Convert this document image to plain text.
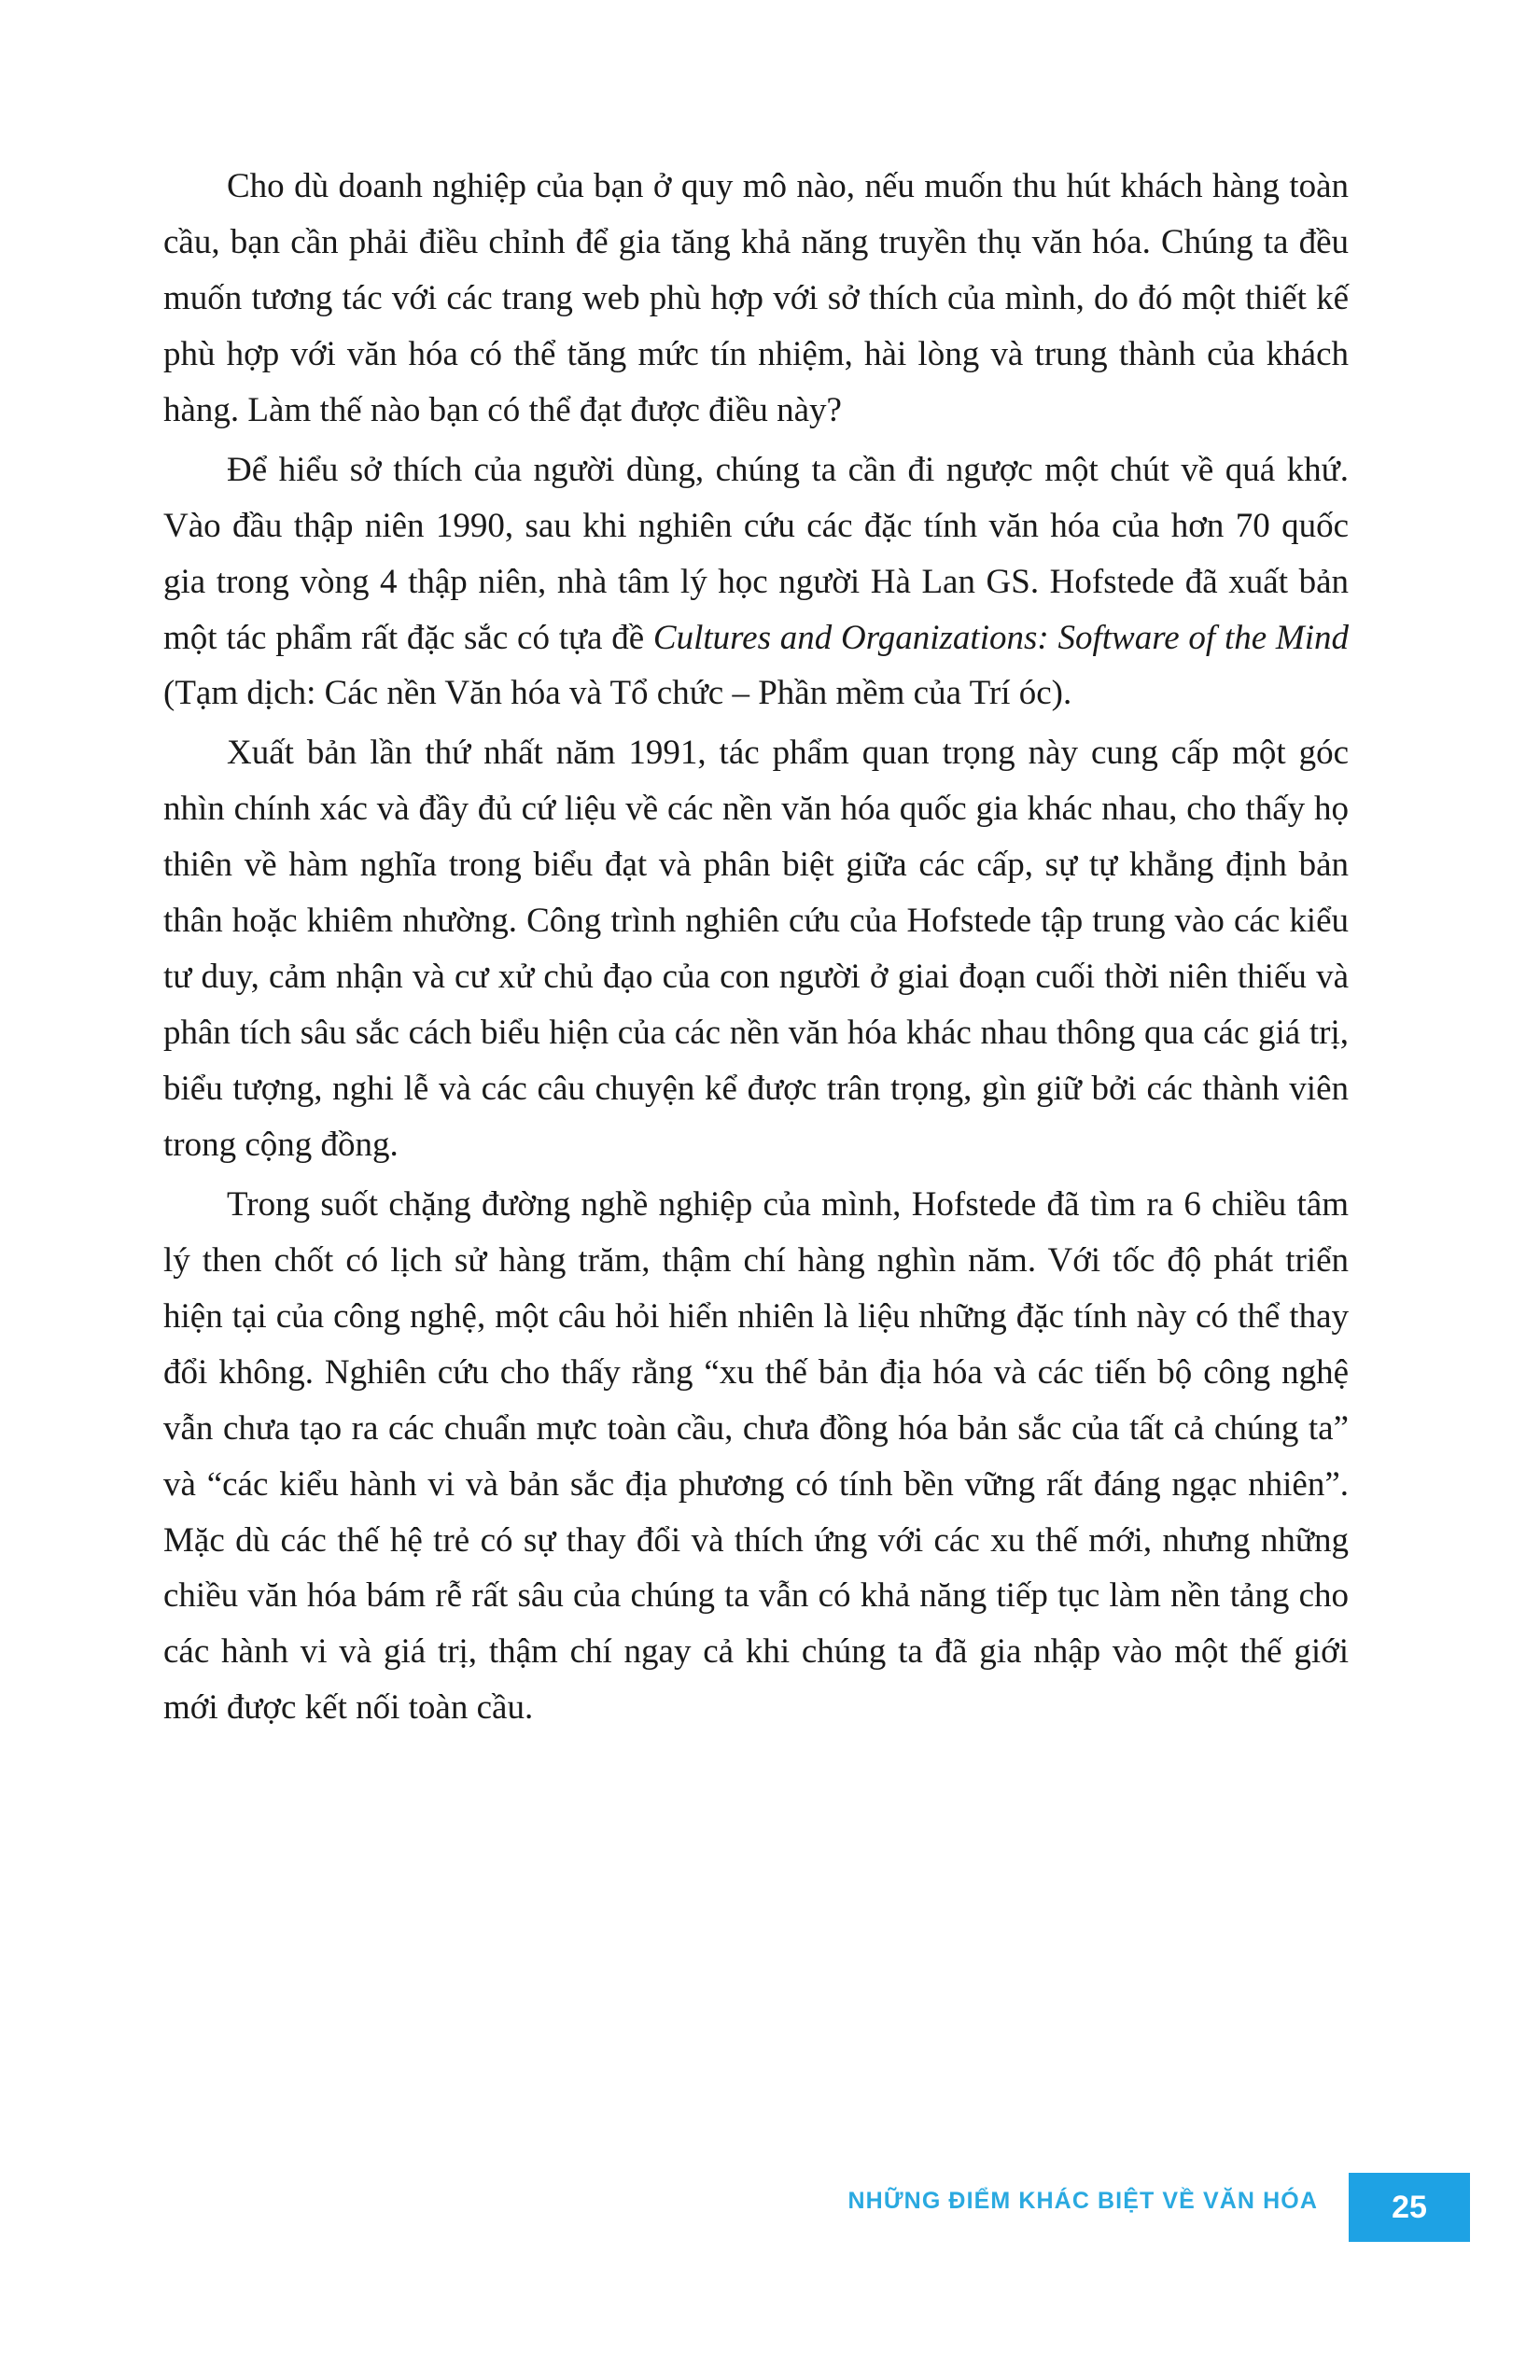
Cho dù doanh nghiệp của bạn ở quy mô nào, nếu muốn thu hút khách hàng toàn cầu, bạn cần phải điều chỉnh để gia tăng khả năng truyền thụ văn hóa. Chúng ta đều muốn tương tác với các trang web phù hợp với sở thích của mình, do đó một thiết kế phù hợp với văn hóa có thể tăng mức tín nhiệm, hài lòng và trung thành của khách hàng. Làm thế nào bạn có thể đạt được điều này?

Để hiểu sở thích của người dùng, chúng ta cần đi ngược một chút về quá khứ. Vào đầu thập niên 1990, sau khi nghiên cứu các đặc tính văn hóa của hơn 70 quốc gia trong vòng 4 thập niên, nhà tâm lý học người Hà Lan GS. Hofstede đã xuất bản một tác phẩm rất đặc sắc có tựa đề Cultures and Organizations: Software of the Mind (Tạm dịch: Các nền Văn hóa và Tổ chức – Phần mềm của Trí óc).

Xuất bản lần thứ nhất năm 1991, tác phẩm quan trọng này cung cấp một góc nhìn chính xác và đầy đủ cứ liệu về các nền văn hóa quốc gia khác nhau, cho thấy họ thiên về hàm nghĩa trong biểu đạt và phân biệt giữa các cấp, sự tự khẳng định bản thân hoặc khiêm nhường. Công trình nghiên cứu của Hofstede tập trung vào các kiểu tư duy, cảm nhận và cư xử chủ đạo của con người ở giai đoạn cuối thời niên thiếu và phân tích sâu sắc cách biểu hiện của các nền văn hóa khác nhau thông qua các giá trị, biểu tượng, nghi lễ và các câu chuyện kể được trân trọng, gìn giữ bởi các thành viên trong cộng đồng.

Trong suốt chặng đường nghề nghiệp của mình, Hofstede đã tìm ra 6 chiều tâm lý then chốt có lịch sử hàng trăm, thậm chí hàng nghìn năm. Với tốc độ phát triển hiện tại của công nghệ, một câu hỏi hiển nhiên là liệu những đặc tính này có thể thay đổi không. Nghiên cứu cho thấy rằng “xu thế bản địa hóa và các tiến bộ công nghệ vẫn chưa tạo ra các chuẩn mực toàn cầu, chưa đồng hóa bản sắc của tất cả chúng ta” và “các kiểu hành vi và bản sắc địa phương có tính bền vững rất đáng ngạc nhiên”. Mặc dù các thế hệ trẻ có sự thay đổi và thích ứng với các xu thế mới, nhưng những chiều văn hóa bám rễ rất sâu của chúng ta vẫn có khả năng tiếp tục làm nền tảng cho các hành vi và giá trị, thậm chí ngay cả khi chúng ta đã gia nhập vào một thế giới mới được kết nối toàn cầu.

NHỮNG ĐIỂM KHÁC BIỆT VỀ VĂN HÓA	25
